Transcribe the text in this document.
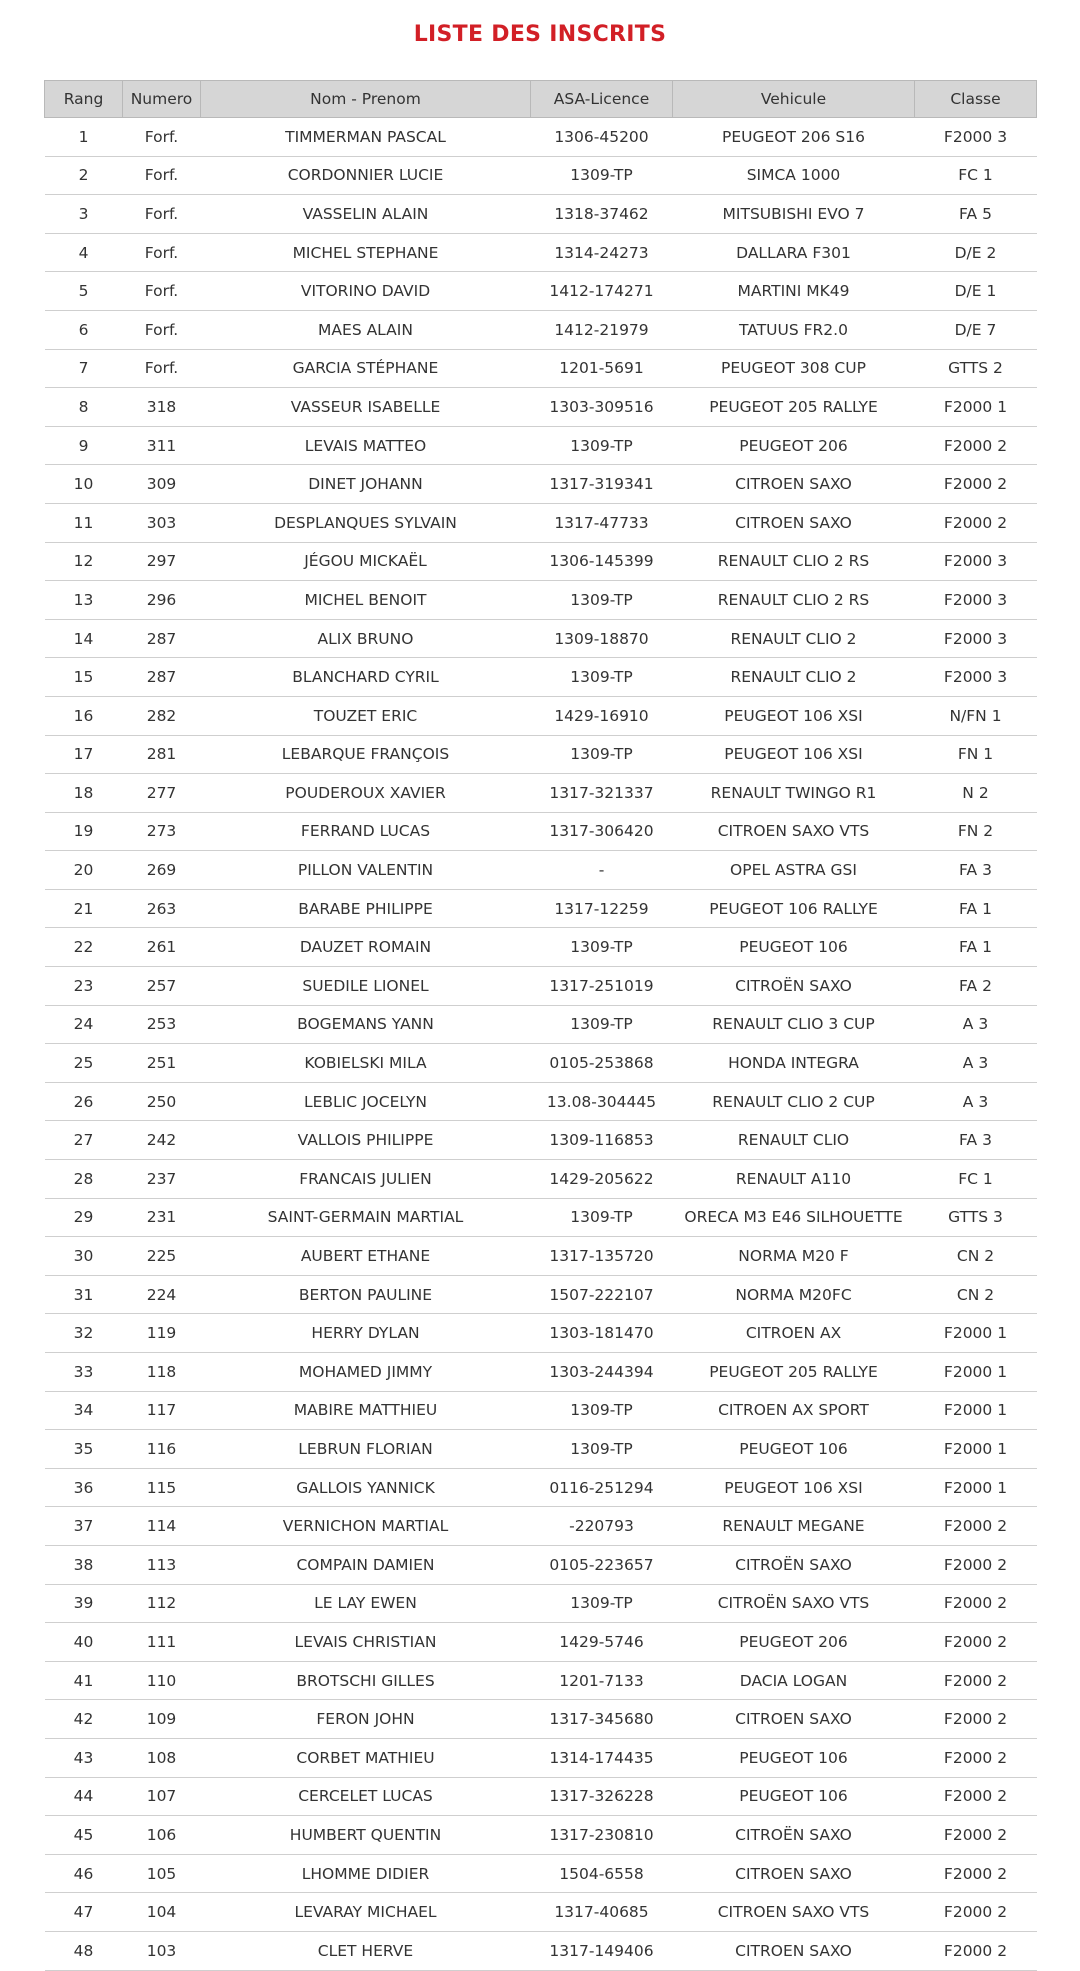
LISTE DES INSCRITS
Rang	Numero	Nom - Prenom	ASA-Licence	Vehicule	Classe
1	Forf.	TIMMERMAN PASCAL	1306-45200	PEUGEOT 206 S16	F2000 3
2	Forf.	CORDONNIER LUCIE	1309-TP	SIMCA 1000	FC 1
3	Forf.	VASSELIN ALAIN	1318-37462	MITSUBISHI EVO 7	FA 5
4	Forf.	MICHEL STEPHANE	1314-24273	DALLARA F301	D/E 2
5	Forf.	VITORINO DAVID	1412-174271	MARTINI MK49	D/E 1
6	Forf.	MAES ALAIN	1412-21979	TATUUS FR2.0	D/E 7
7	Forf.	GARCIA STÉPHANE	1201-5691	PEUGEOT 308 CUP	GTTS 2
8	318	VASSEUR ISABELLE	1303-309516	PEUGEOT 205 RALLYE	F2000 1
9	311	LEVAIS MATTEO	1309-TP	PEUGEOT 206	F2000 2
10	309	DINET JOHANN	1317-319341	CITROEN SAXO	F2000 2
11	303	DESPLANQUES SYLVAIN	1317-47733	CITROEN SAXO	F2000 2
12	297	JÉGOU MICKAËL	1306-145399	RENAULT CLIO 2 RS	F2000 3
13	296	MICHEL BENOIT	1309-TP	RENAULT CLIO 2 RS	F2000 3
14	287	ALIX BRUNO	1309-18870	RENAULT CLIO 2	F2000 3
15	287	BLANCHARD CYRIL	1309-TP	RENAULT CLIO 2	F2000 3
16	282	TOUZET ERIC	1429-16910	PEUGEOT 106 XSI	N/FN 1
17	281	LEBARQUE FRANÇOIS	1309-TP	PEUGEOT 106 XSI	FN 1
18	277	POUDEROUX XAVIER	1317-321337	RENAULT TWINGO R1	N 2
19	273	FERRAND LUCAS	1317-306420	CITROEN SAXO VTS	FN 2
20	269	PILLON VALENTIN	-	OPEL ASTRA GSI	FA 3
21	263	BARABE PHILIPPE	1317-12259	PEUGEOT 106 RALLYE	FA 1
22	261	DAUZET ROMAIN	1309-TP	PEUGEOT 106	FA 1
23	257	SUEDILE LIONEL	1317-251019	CITROËN SAXO	FA 2
24	253	BOGEMANS YANN	1309-TP	RENAULT CLIO 3 CUP	A 3
25	251	KOBIELSKI MILA	0105-253868	HONDA INTEGRA	A 3
26	250	LEBLIC JOCELYN	13.08-304445	RENAULT CLIO 2 CUP	A 3
27	242	VALLOIS PHILIPPE	1309-116853	RENAULT CLIO	FA 3
28	237	FRANCAIS JULIEN	1429-205622	RENAULT A110	FC 1
29	231	SAINT-GERMAIN MARTIAL	1309-TP	ORECA M3 E46 SILHOUETTE	GTTS 3
30	225	AUBERT ETHANE	1317-135720	NORMA M20 F	CN 2
31	224	BERTON PAULINE	1507-222107	NORMA M20FC	CN 2
32	119	HERRY DYLAN	1303-181470	CITROEN AX	F2000 1
33	118	MOHAMED JIMMY	1303-244394	PEUGEOT 205 RALLYE	F2000 1
34	117	MABIRE MATTHIEU	1309-TP	CITROEN AX SPORT	F2000 1
35	116	LEBRUN FLORIAN	1309-TP	PEUGEOT 106	F2000 1
36	115	GALLOIS YANNICK	0116-251294	PEUGEOT 106 XSI	F2000 1
37	114	VERNICHON MARTIAL	-220793	RENAULT MEGANE	F2000 2
38	113	COMPAIN DAMIEN	0105-223657	CITROËN SAXO	F2000 2
39	112	LE LAY EWEN	1309-TP	CITROËN SAXO VTS	F2000 2
40	111	LEVAIS CHRISTIAN	1429-5746	PEUGEOT 206	F2000 2
41	110	BROTSCHI GILLES	1201-7133	DACIA LOGAN	F2000 2
42	109	FERON JOHN	1317-345680	CITROEN SAXO	F2000 2
43	108	CORBET MATHIEU	1314-174435	PEUGEOT 106	F2000 2
44	107	CERCELET LUCAS	1317-326228	PEUGEOT 106	F2000 2
45	106	HUMBERT QUENTIN	1317-230810	CITROËN SAXO	F2000 2
46	105	LHOMME DIDIER	1504-6558	CITROEN SAXO	F2000 2
47	104	LEVARAY MICHAEL	1317-40685	CITROEN SAXO VTS	F2000 2
48	103	CLET HERVE	1317-149406	CITROEN SAXO	F2000 2
